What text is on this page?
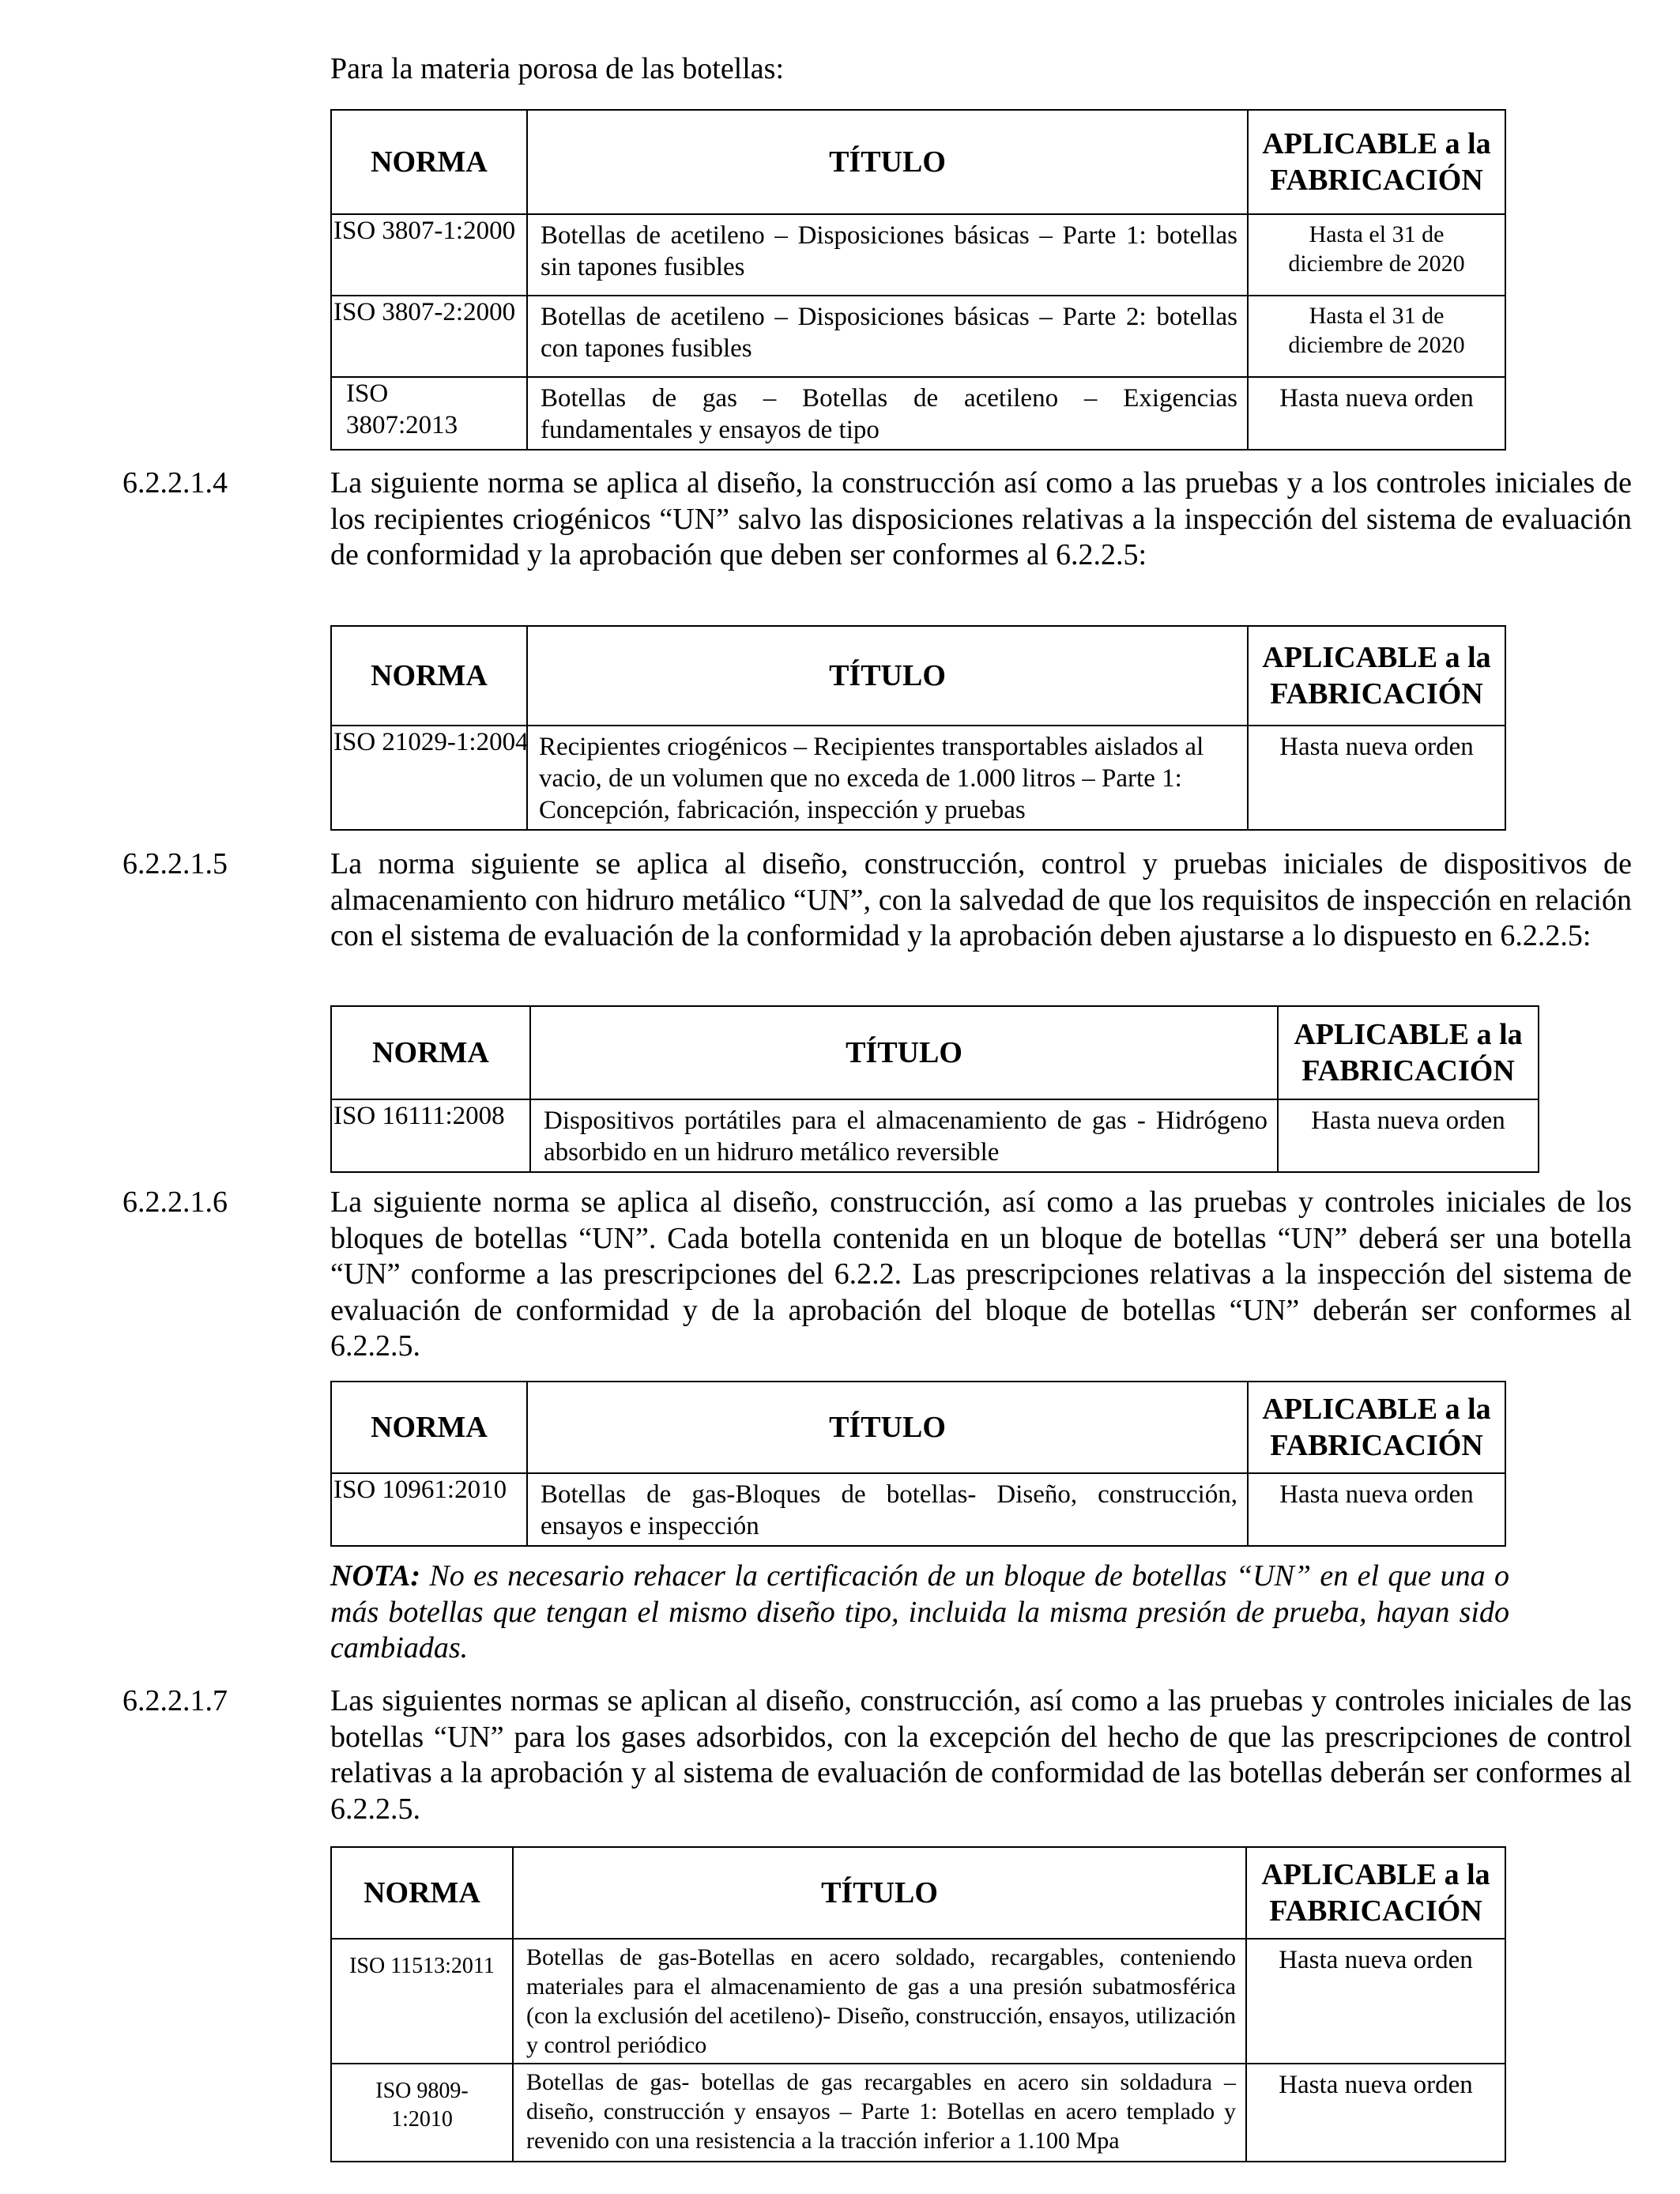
Para la materia porosa de las botellas:
NORMA	TÍTULO	APLICABLE a la
FABRICACIÓN
ISO 3807-1:2000	Botellas de acetileno – Disposiciones básicas – Parte 1: botellas sin tapones fusibles	Hasta el 31 de diciembre de 2020
ISO 3807-2:2000	Botellas de acetileno – Disposiciones básicas – Parte 2: botellas con tapones fusibles	Hasta el 31 de diciembre de 2020
ISO 3807:2013	Botellas de gas – Botellas de acetileno – Exigencias fundamentales y ensayos de tipo	Hasta nueva orden
6.2.2.1.4	La siguiente norma se aplica al diseño, la construcción así como a las pruebas y a los controles iniciales de los recipientes criogénicos “UN” salvo las disposiciones relativas a la inspección del sistema de evaluación de conformidad y la aprobación que deben ser conformes al 6.2.2.5:
NORMA	TÍTULO	APLICABLE a la
FABRICACIÓN
ISO 21029-1:2004	Recipientes criogénicos – Recipientes transportables aislados al vacio, de un volumen que no exceda de 1.000 litros – Parte 1: Concepción, fabricación, inspección y pruebas	Hasta nueva orden
6.2.2.1.5	La norma siguiente se aplica al diseño, construcción, control y pruebas iniciales de dispositivos de almacenamiento con hidruro metálico “UN”, con la salvedad de que los requisitos de inspección en relación con el sistema de evaluación de la conformidad y la aprobación deben ajustarse a lo dispuesto en 6.2.2.5:
NORMA	TÍTULO	APLICABLE a la
FABRICACIÓN
ISO 16111:2008	Dispositivos portátiles para el almacenamiento de gas - Hidrógeno absorbido en un hidruro metálico reversible	Hasta nueva orden
6.2.2.1.6	La siguiente norma se aplica al diseño, construcción, así como a las pruebas y controles iniciales de los bloques de botellas “UN”. Cada botella contenida en un bloque de botellas “UN” deberá ser una botella “UN” conforme a las prescripciones del 6.2.2. Las prescripciones relativas a la inspección del sistema de evaluación de conformidad y de la aprobación del bloque de botellas “UN” deberán ser conformes al 6.2.2.5.
NORMA	TÍTULO	APLICABLE a la
FABRICACIÓN
ISO 10961:2010	Botellas de gas-Bloques de botellas- Diseño, construcción, ensayos e inspección	Hasta nueva orden
NOTA: No es necesario rehacer la certificación de un bloque de botellas “UN” en el que una o más botellas que tengan el mismo diseño tipo, incluida la misma presión de prueba, hayan sido cambiadas.
6.2.2.1.7	Las siguientes normas se aplican al diseño, construcción, así como a las pruebas y controles iniciales de las botellas “UN” para los gases adsorbidos, con la excepción del hecho de que las prescripciones de control relativas a la aprobación y al sistema de evaluación de conformidad de las botellas deberán ser conformes al 6.2.2.5.
NORMA	TÍTULO	APLICABLE a la
FABRICACIÓN
ISO 11513:2011	Botellas de gas-Botellas en acero soldado, recargables, conteniendo materiales para el almacenamiento de gas a una presión subatmosférica (con la exclusión del acetileno)- Diseño, construcción, ensayos, utilización y control periódico	Hasta nueva orden
ISO 9809-1:2010	Botellas de gas- botellas de gas recargables en acero sin soldadura – diseño, construcción y ensayos – Parte 1: Botellas en acero templado y revenido con una resistencia a la tracción inferior a 1.100 Mpa	Hasta nueva orden
